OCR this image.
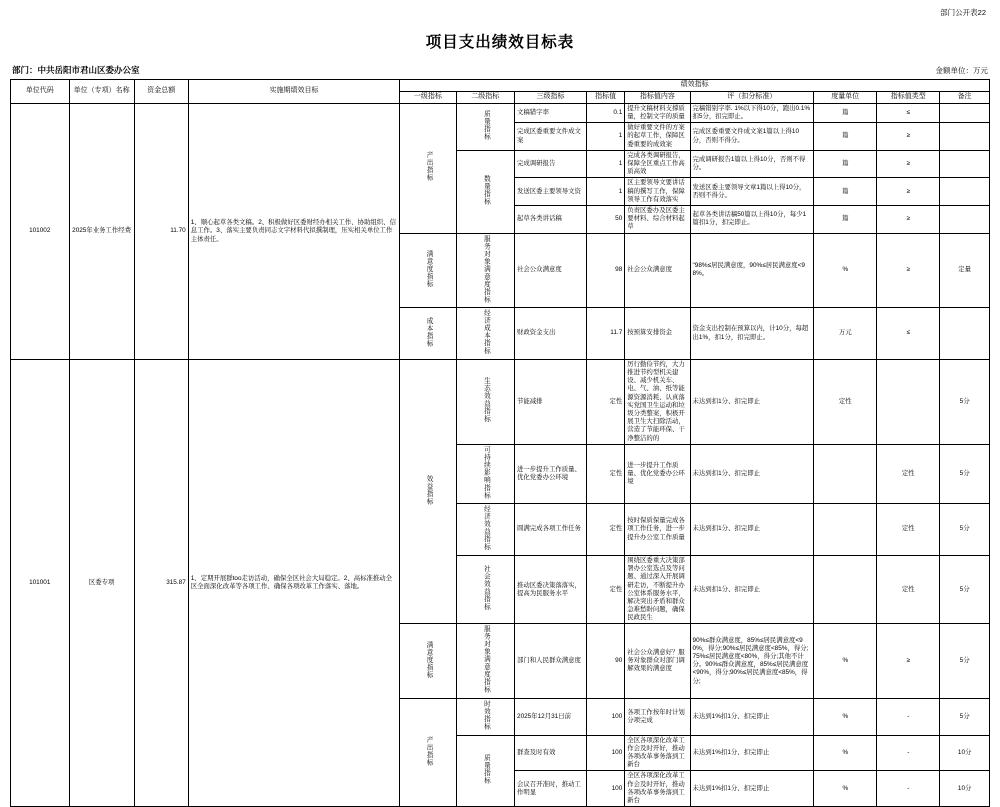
部门公开表22
项目支出绩效目标表
部门：中共岳阳市君山区委办公室	金额单位：万元
单位代码	单位（专项）名称	资金总额	实施期绩效目标	绩效指标								
				一级指标	二级指标	三级指标	指标值	指标值内容	评（扣分标准）	度量单位	指标值类型	备注
101002	2025年业务工作经费	11.70	1、顺心起草各类文稿。2、积极做好区委财经办相关工作、协助组织、信息工作。3、落实主要负责同志文字材料代拟撰制理，压实相关单位工作主体责任。	产出指标	质量指标	文稿错字率	0.1	提升文稿材料支撑质量，控制文字的质量	完稿错别字率. 1%以下得10分，跑出0.1%扣5分，扣完即止。	篇	≤	
						完成区委重要文件成文案	1	做好重要文件的方案的起草工作，保障区委重要的成效案	完成区委重要文件成文案1篇以上得10分，否则不得分。	篇	≥	
					数量指标	完成调研报告	1	完成各类调研报告，保障全区重点工作高质高效	完成调研报告1篇以上得10分，否则不得分。	篇	≥	
						发送区委主要领导文资	1	区主要领导文要讲话稿的撰写工作，保障领导工作有效落实	发送区委主要领导文章1篇以上得10分，否则不得分。	篇	≥	
						起草各类讲话稿	50	负责区委办及区委主要材料、综合材料起草	起草各类讲话稿50篇以上得10分，每少1篇扣1分，扣完即止。	篇	≥	
				满意度指标	服务对象满意度指标	社会公众满意度	98	社会公众满意度	"98%≤居民满意度，90%≤居民满意度<98%。	%	≥	定量
				成本指标	经济成本指标	财政资金支出	11.7	按预算安排资金	资金支出控制在预算以内，计10分，每超出1%，扣1分，扣完即止。	万元	≤	
101001	区委专项	315.87	1、定期开展群too走访活动，确保全区社会大局稳定。2、高标准推动全区全面深化改革等各项工作、确保各项改革工作落实、落地。	效益指标	生态效益指标	节能减排	定性	厉行勤俭节约，大力推进节约型机关建设、减少机关车、电、气、油、纸等能源资源消耗、认真落实党国卫生运动和垃圾分类整案，积极开展卫生大扫除活动，营造了节能环保、干净整洁的的	未达到扣1分、扣完即止	定性		5分
					可持续影响指标	进一步提升工作质量、优化党委办公环境	定性	进一步提升工作质量、优化党委办公环境	未达到扣1分、扣完即止		定性	5分
					经济效益指标	圆满完成各项工作任务	定性	按时保质保量完成各项工作任务，进一步提升办公室工作质量	未达到扣1分、扣完即止		定性	5分
					社会效益指标	推动区委决策落落实，提高为民服务水平	定性	围绕区委重大决策部署办公室选点及等问题、通过深入开展调研走访，不断提升办公室体系服务水平，解决突出矛盾和群众急难愁盼问题，确保民政民生	未达到扣1分、扣完即止		定性	5分
				满意度指标	服务对象满意度指标	部门和人民群众满意度	90	社会公众满意好？服务对象群众对部门调解效果的满意度	90%≤群众满意度，85%≤居民满意度<90%，得分;90%≤居民满意度<85%，得分;75%≤居民满意度<80%，得分;其他不计分。90%≤群众满意度，85%≤居民满意度<90%，得分;90%≤居民满意度<85%，得分;	%	≥	5分
				产出指标	时效指标	2025年12月31日前	100	各项工作按年时计划分项完成	未达到1%扣1分、扣完即止	%	-	5分
					质量指标	群查及时有效	100	全区各项深化改革工作会及时开好，推动各项改革事务落到工新台	未达到1%扣1分、扣完即止	%	-	10分
						会议召开准时，推动工作明显	100	全区各项深化改革工作会及时开好，推动各项改革事务落到工新台	未达到1%扣1分、扣完即止	%	-	10分
